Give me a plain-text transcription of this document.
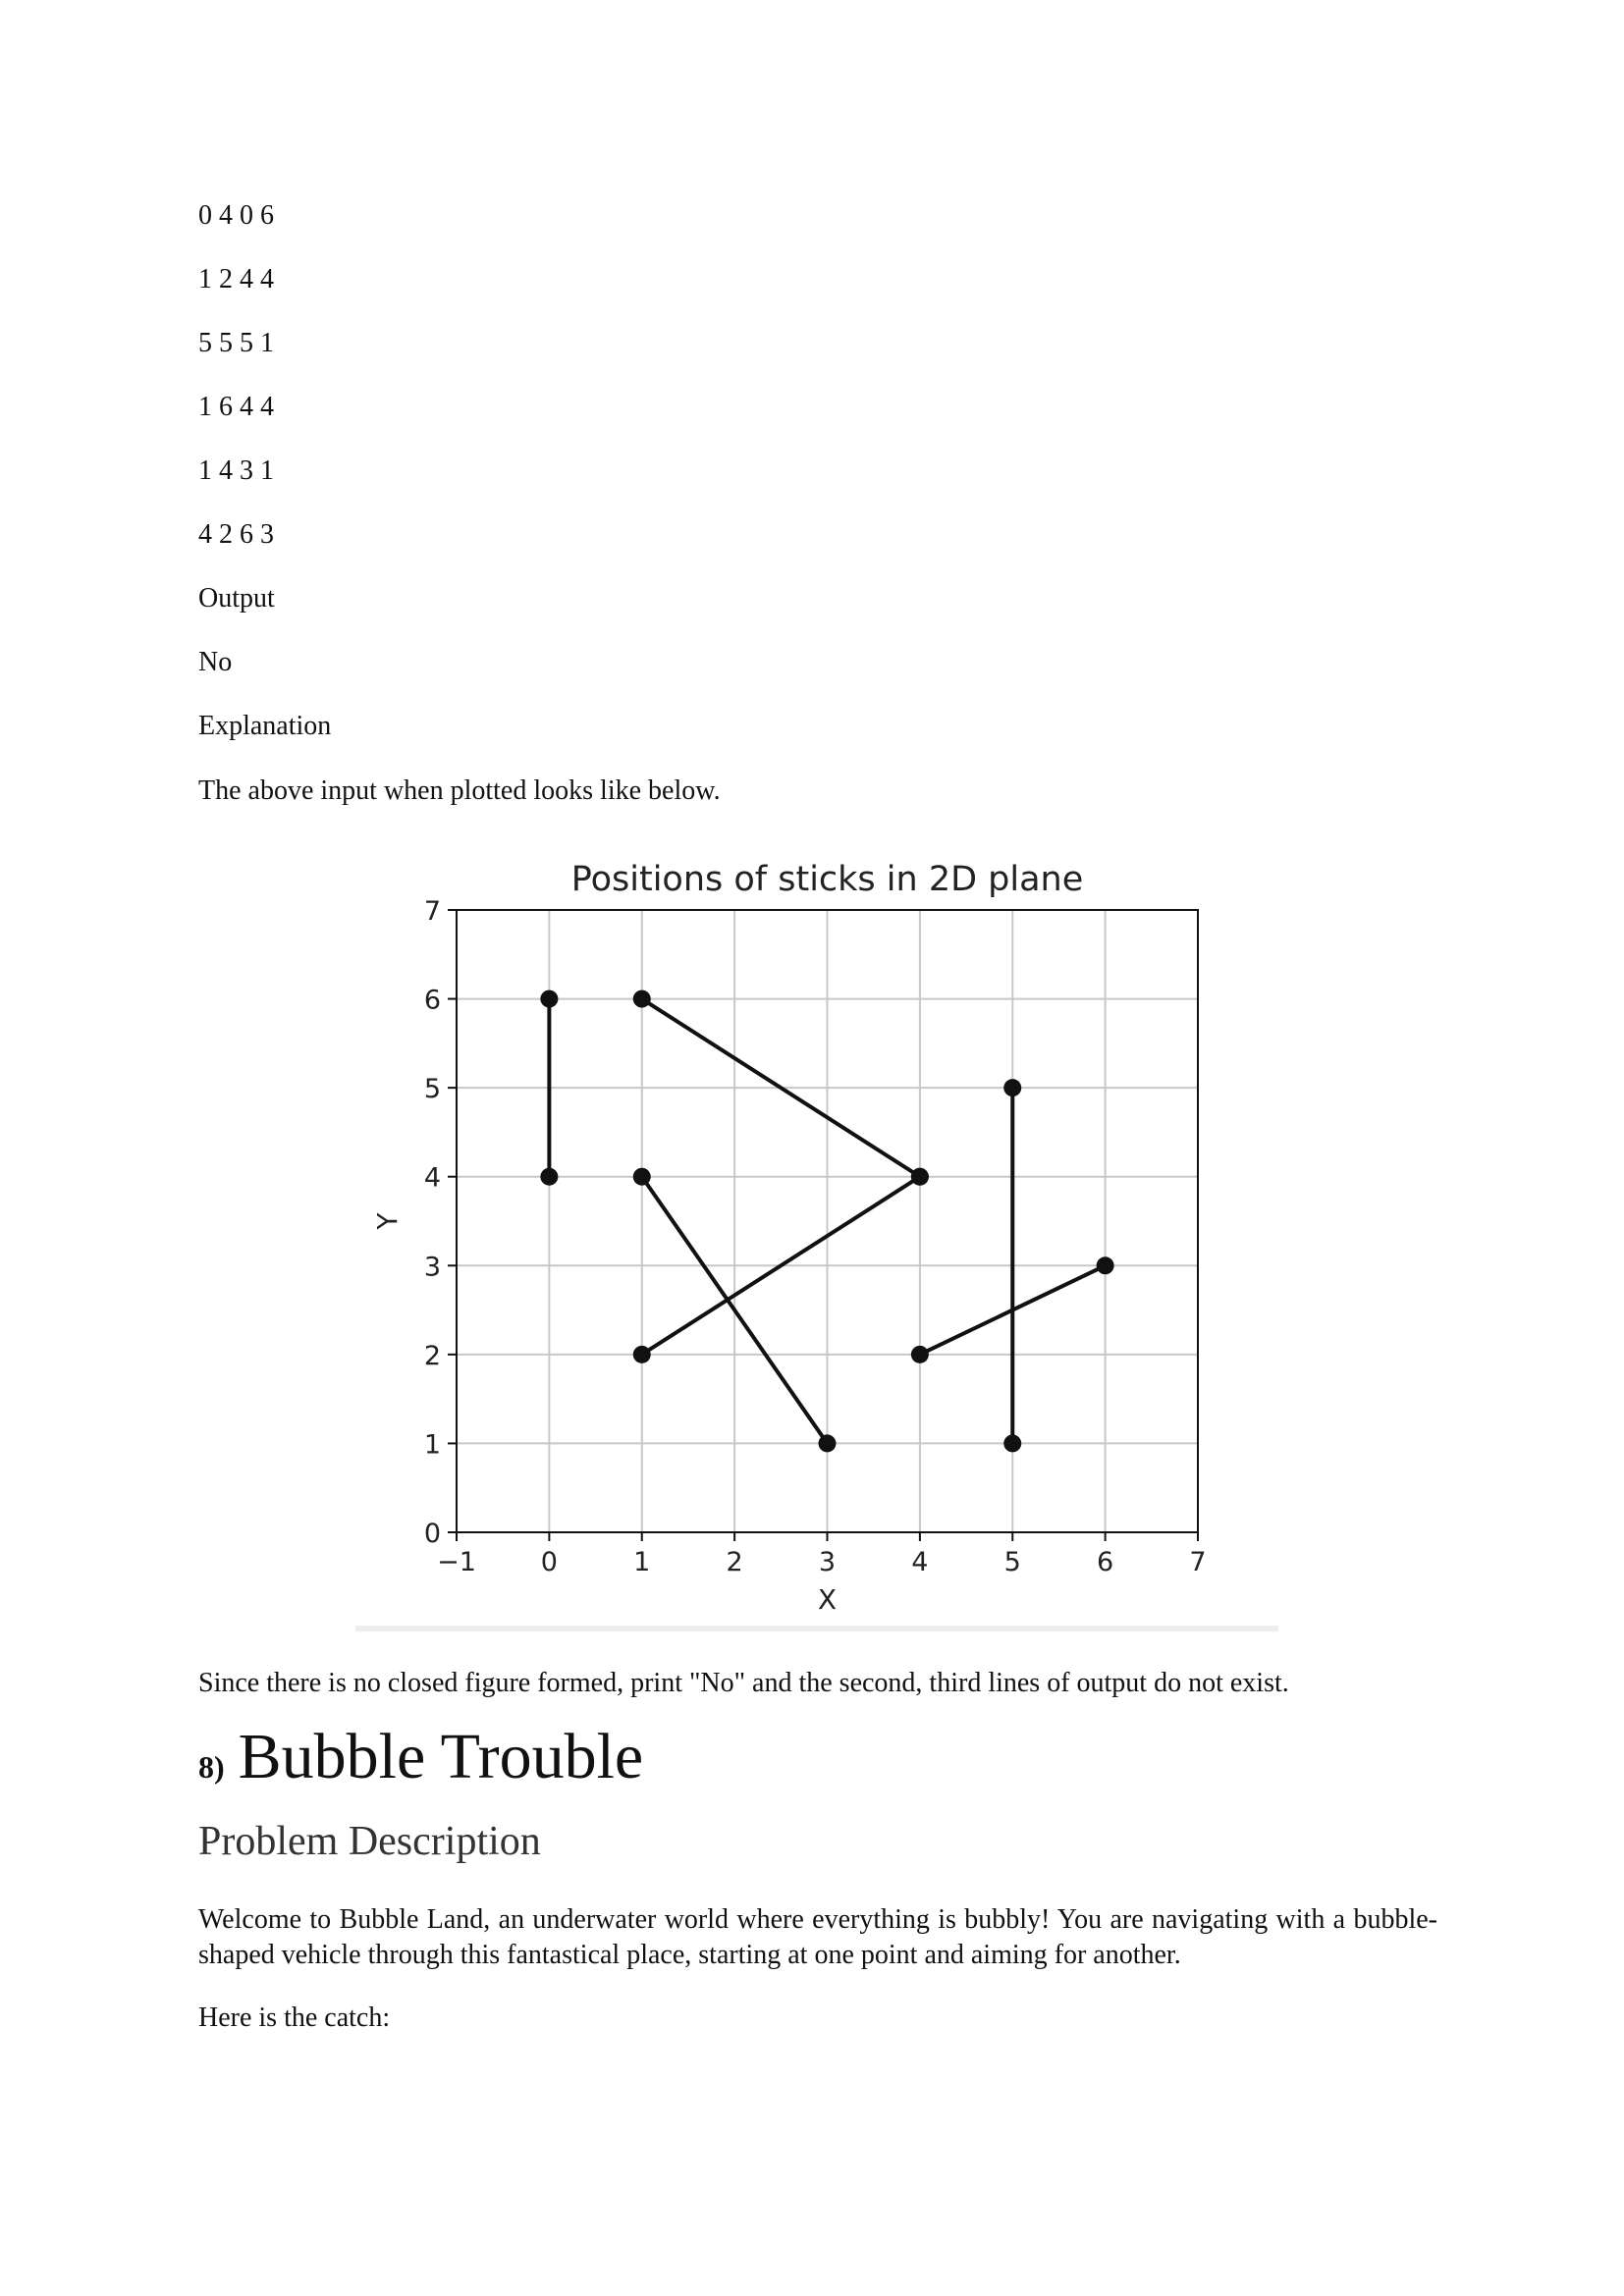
0 4 0 6

1 2 4 4

5 5 5 1

1 6 4 4

1 4 3 1

4 2 6 3

Output

No

Explanation

The above input when plotted looks like below.

−1 0	1	2	3	4	5	6	7
0
1
2
3
4
5
6
7
Positions of sticks in 2D plane
X
Y

Since there is no closed figure formed, print "No" and the second, third lines of output do not exist.

8) Bubble Trouble
Problem Description

Welcome to Bubble Land, an underwater world where everything is bubbly! You are navigating with a bubble-shaped vehicle through this fantastical place, starting at one point and aiming for another.

Here is the catch:
